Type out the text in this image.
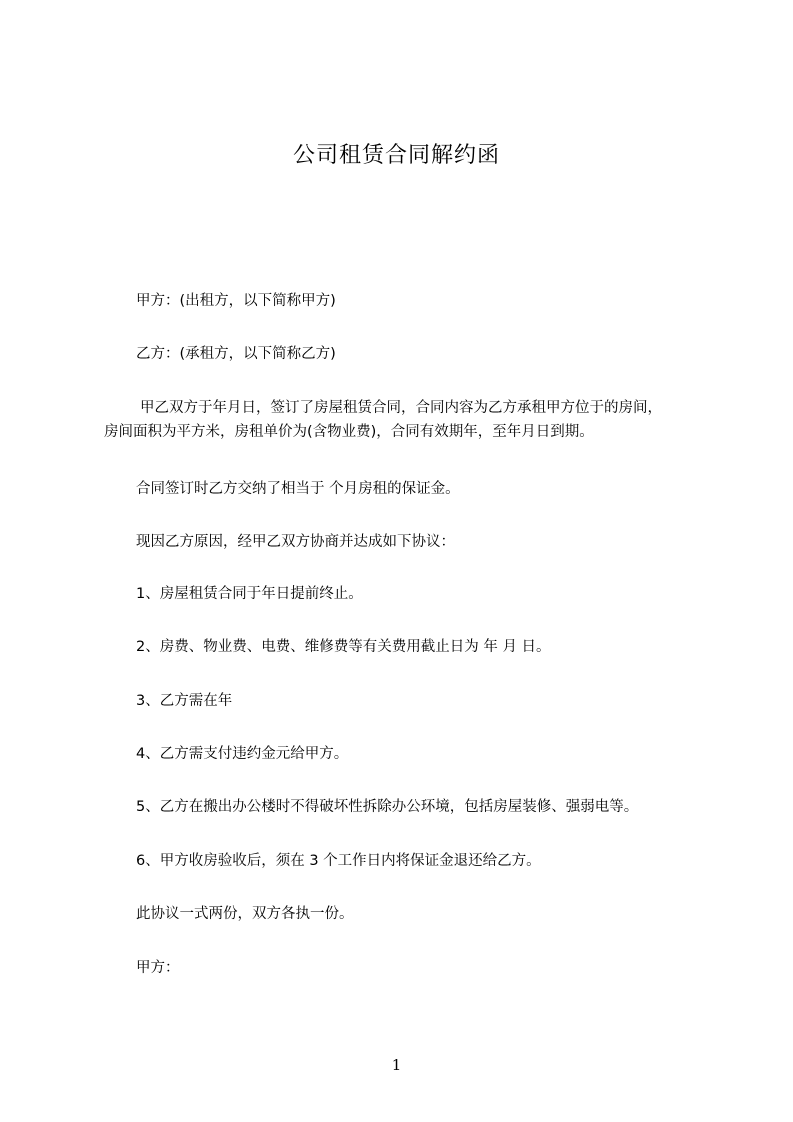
公司租赁合同解约函

甲方：(出租方，以下简称甲方)

乙方：(承租方，以下简称乙方)

甲乙双方于年月日，签订了房屋租赁合同，合同内容为乙方承租甲方位于的房间，
房间面积为平方米，房租单价为(含物业费)，合同有效期年，至年月日到期。

合同签订时乙方交纳了相当于 个月房租的保证金。

现因乙方原因，经甲乙双方协商并达成如下协议：

1、房屋租赁合同于年日提前终止。

2、房费、物业费、电费、维修费等有关费用截止日为 年 月 日。

3、乙方需在年

4、乙方需支付违约金元给甲方。

5、乙方在搬出办公楼时不得破坏性拆除办公环境，包括房屋装修、强弱电等。

6、甲方收房验收后，须在 3 个工作日内将保证金退还给乙方。

此协议一式两份，双方各执一份。

甲方：

1
